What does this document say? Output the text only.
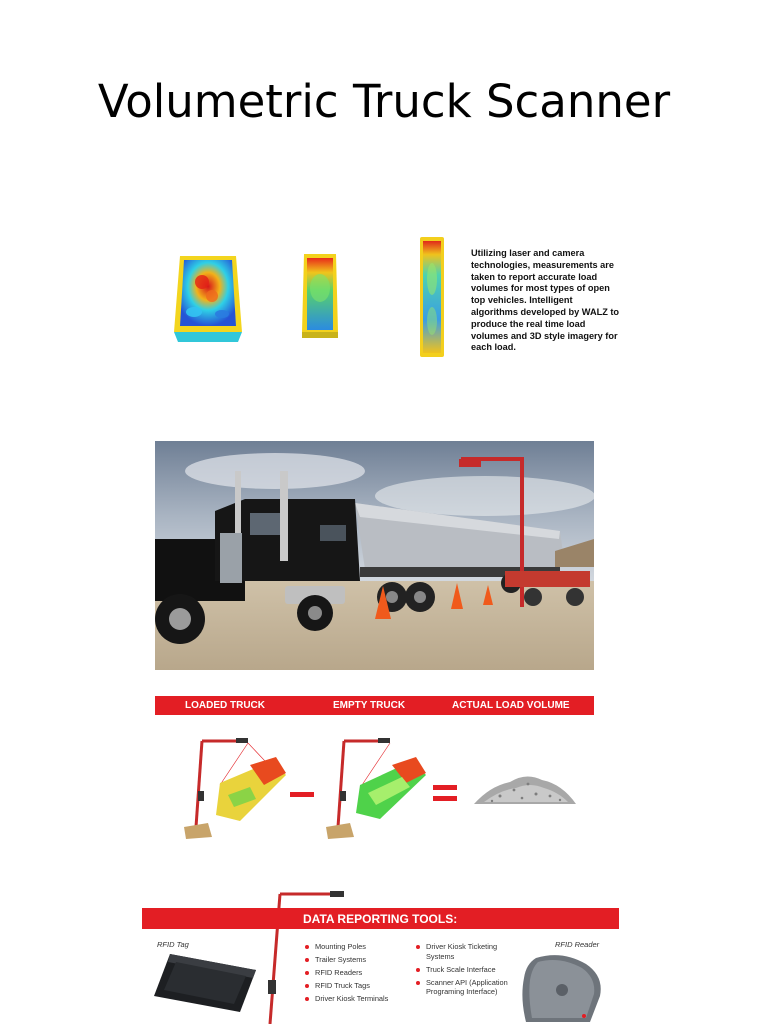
Volumetric Truck Scanner
Utilizing laser and camera technologies, measurements are taken to report accurate load volumes for most types of open top vehicles. Intelligent algorithms developed by WALZ to produce the real time load volumes and 3D style imagery for each load.
LOADED TRUCK	EMPTY TRUCK	ACTUAL LOAD VOLUME
DATA REPORTING TOOLS:
RFID Tag	RFID Reader
Mounting Poles
Trailer Systems
RFID Readers
RFID Truck Tags
Driver Kiosk Terminals
Driver Kiosk Ticketing Systems
Truck Scale Interface
Scanner API (Application Programing Interface)
